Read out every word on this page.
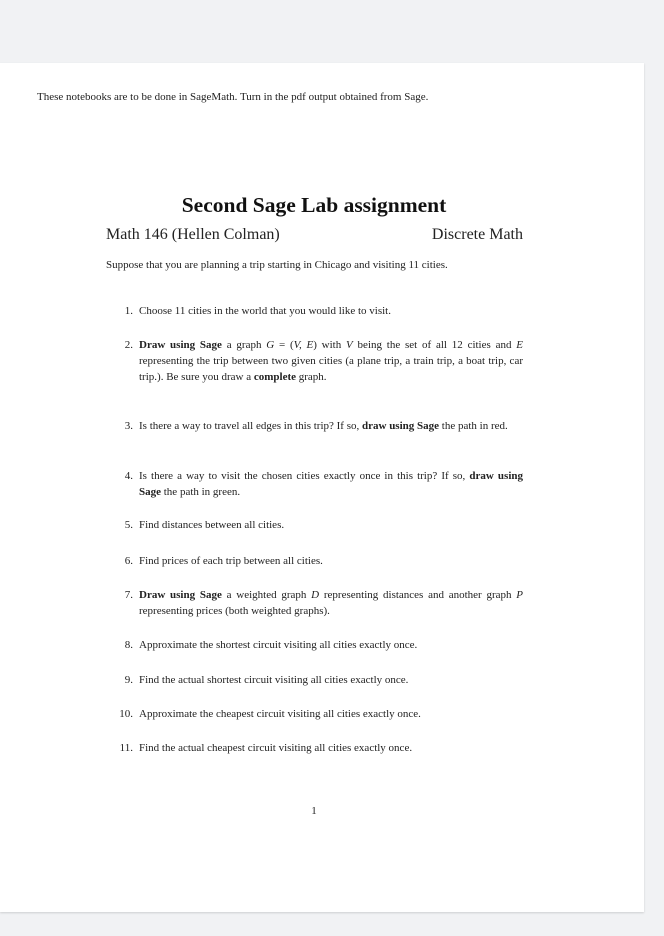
These notebooks are to be done in SageMath. Turn in the pdf output obtained from Sage.
Second Sage Lab assignment
Math 146 (Hellen Colman)	Discrete Math
Suppose that you are planning a trip starting in Chicago and visiting 11 cities.
1. Choose 11 cities in the world that you would like to visit.
2. Draw using Sage a graph G = (V, E) with V being the set of all 12 cities and E representing the trip between two given cities (a plane trip, a train trip, a boat trip, car trip.). Be sure you draw a complete graph.
3. Is there a way to travel all edges in this trip? If so, draw using Sage the path in red.
4. Is there a way to visit the chosen cities exactly once in this trip? If so, draw using Sage the path in green.
5. Find distances between all cities.
6. Find prices of each trip between all cities.
7. Draw using Sage a weighted graph D representing distances and another graph P representing prices (both weighted graphs).
8. Approximate the shortest circuit visiting all cities exactly once.
9. Find the actual shortest circuit visiting all cities exactly once.
10. Approximate the cheapest circuit visiting all cities exactly once.
11. Find the actual cheapest circuit visiting all cities exactly once.
1
